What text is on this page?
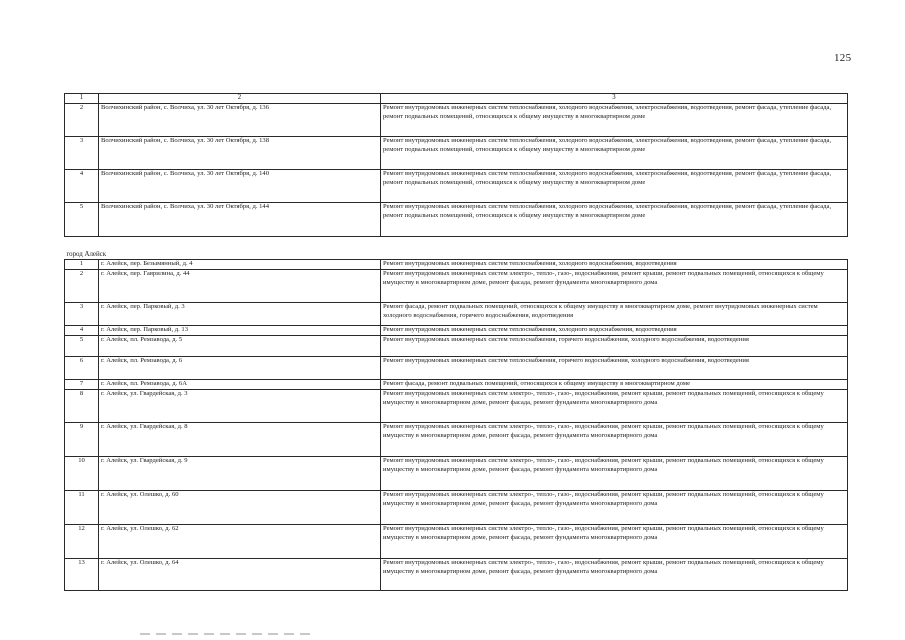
125
1	2	3
2	Волчихинский район, с. Волчиха, ул. 30 лет Октября, д. 136	Ремонт внутридомовых инженерных систем теплоснабжения, холодного водоснабжения, электроснабжения, водоотведения, ремонт фасада, утепление фасада, ремонт подвальных помещений, относящихся к общему имуществу в многоквартирном доме
3	Волчихинский район, с. Волчиха, ул. 30 лет Октября, д. 138	Ремонт внутридомовых инженерных систем теплоснабжения, холодного водоснабжения, электроснабжения, водоотведения, ремонт фасада, утепление фасада, ремонт подвальных помещений, относящихся к общему имуществу в многоквартирном доме
4	Волчихинский район, с. Волчиха, ул. 30 лет Октября, д. 140	Ремонт внутридомовых инженерных систем теплоснабжения, холодного водоснабжения, электроснабжения, водоотведения, ремонт фасада, утепление фасада, ремонт подвальных помещений, относящихся к общему имуществу в многоквартирном доме
5	Волчихинский район, с. Волчиха, ул. 30 лет Октября, д. 144	Ремонт внутридомовых инженерных систем теплоснабжения, холодного водоснабжения, электроснабжения, водоотведения, ремонт фасада, утепление фасада, ремонт подвальных помещений, относящихся к общему имуществу в многоквартирном доме
город Алейск		
1	г. Алейск, пер. Безымянный, д. 4	Ремонт внутридомовых инженерных систем теплоснабжения, холодного водоснабжения, водоотведения
2	г. Алейск, пер. Гаврилина, д. 44	Ремонт внутридомовых инженерных систем электро-, тепло-, газо-, водоснабжения, ремонт крыши, ремонт подвальных помещений, относящихся к общему имуществу в многоквартирном доме, ремонт фасада, ремонт фундамента многоквартирного дома
3	г. Алейск, пер. Парковый, д. 3	Ремонт фасада, ремонт подвальных помещений, относящихся к общему имуществу в многоквартирном доме, ремонт внутридомовых инженерных систем холодного водоснабжения, горячего водоснабжения, водоотведения
4	г. Алейск, пер. Парковый, д. 13	Ремонт внутридомовых инженерных систем теплоснабжения, холодного водоснабжения, водоотведения
5	г. Алейск, пл. Ремзавода, д. 5	Ремонт внутридомовых инженерных систем теплоснабжения, горячего водоснабжения, холодного водоснабжения, водоотведения
6	г. Алейск, пл. Ремзавода, д. 6	Ремонт внутридомовых инженерных систем теплоснабжения, горячего водоснабжения, холодного водоснабжения, водоотведения
7	г. Алейск, пл. Ремзавода, д. 6А	Ремонт фасада, ремонт подвальных помещений, относящихся к общему имуществу в многоквартирном доме
8	г. Алейск, ул. Гвардейская, д. 3	Ремонт внутридомовых инженерных систем электро-, тепло-, газо-, водоснабжения, ремонт крыши, ремонт подвальных помещений, относящихся к общему имуществу в многоквартирном доме, ремонт фасада, ремонт фундамента многоквартирного дома
9	г. Алейск, ул. Гвардейская, д. 8	Ремонт внутридомовых инженерных систем электро-, тепло-, газо-, водоснабжения, ремонт крыши, ремонт подвальных помещений, относящихся к общему имуществу в многоквартирном доме, ремонт фасада, ремонт фундамента многоквартирного дома
10	г. Алейск, ул. Гвардейская, д. 9	Ремонт внутридомовых инженерных систем электро-, тепло-, газо-, водоснабжения, ремонт крыши, ремонт подвальных помещений, относящихся к общему имуществу в многоквартирном доме, ремонт фасада, ремонт фундамента многоквартирного дома
11	г. Алейск, ул. Олешко, д. 60	Ремонт внутридомовых инженерных систем электро-, тепло-, газо-, водоснабжения, ремонт крыши, ремонт подвальных помещений, относящихся к общему имуществу в многоквартирном доме, ремонт фасада, ремонт фундамента многоквартирного дома
12	г. Алейск, ул. Олешко, д. 62	Ремонт внутридомовых инженерных систем электро-, тепло-, газо-, водоснабжения, ремонт крыши, ремонт подвальных помещений, относящихся к общему имуществу в многоквартирном доме, ремонт фасада, ремонт фундамента многоквартирного дома
13	г. Алейск, ул. Олешко, д. 64	Ремонт внутридомовых инженерных систем электро-, тепло-, газо-, водоснабжения, ремонт крыши, ремонт подвальных помещений, относящихся к общему имуществу в многоквартирном доме, ремонт фасада, ремонт фундамента многоквартирного дома
